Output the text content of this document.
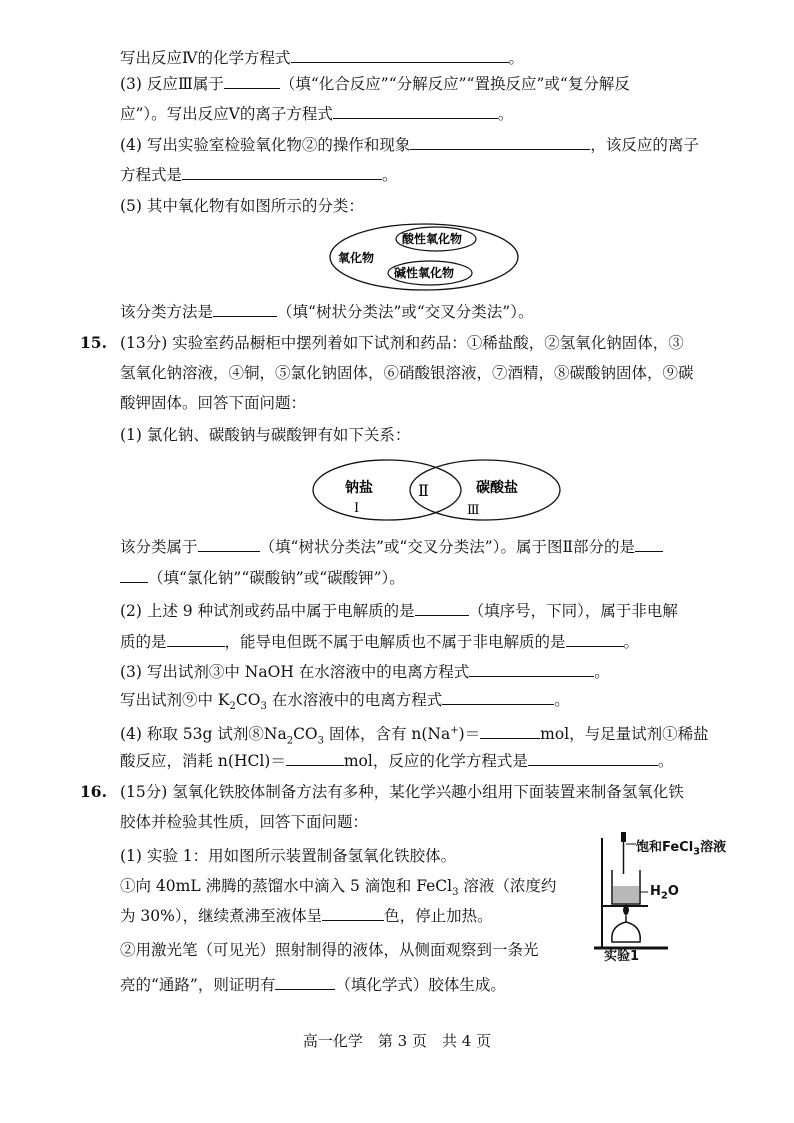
写出反应Ⅳ的化学方程式	。
(3) 反应Ⅲ属于	（填“化合反应”“分解反应”“置换反应”或“复分解反
应”）。写出反应Ⅴ的离子方程式	。
(4) 写出实验室检验氧化物②的操作和现象	，该反应的离子
方程式是	。
(5) 其中氧化物有如图所示的分类：
氧化物
酸性氧化物
碱性氧化物
该分类方法是	（填“树状分类法”或“交叉分类法”）。
15. (13分) 实验室药品橱柜中摆列着如下试剂和药品：①稀盐酸，②氢氧化钠固体，③
氢氧化钠溶液，④铜，⑤氯化钠固体，⑥硝酸银溶液，⑦酒精，⑧碳酸钠固体，⑨碳
酸钾固体。回答下面问题：
(1) 氯化钠、碳酸钠与碳酸钾有如下关系：
钠盐	Ⅱ	碳酸盐
Ⅰ	Ⅲ
该分类属于	（填“树状分类法”或“交叉分类法”）。属于图Ⅱ部分的是
（填“氯化钠”“碳酸钠”或“碳酸钾”）。
(2) 上述 9 种试剂或药品中属于电解质的是	（填序号，下同），属于非电解
质的是	，能导电但既不属于电解质也不属于非电解质的是	。
(3) 写出试剂③中 NaOH 在水溶液中的电离方程式	。
写出试剂⑨中 $K_2CO_3$ 在水溶液中的电离方程式	。
(4) 称取 53g 试剂$⑧Na_2CO_3$ 固体，含有 n(Na+)＝	mol，与足量试剂①稀盐
酸反应，消耗 n(HCl)＝	mol，反应的化学方程式是	。
16. (15分) 氢氧化铁胶体制备方法有多种，某化学兴趣小组用下面装置来制备氢氧化铁
胶体并检验其性质，回答下面问题：
(1) 实验 1：用如图所示装置制备氢氧化铁胶体。
①向 40mL 沸腾的蒸馏水中滴入 5 滴饱和 FeCl$_3$ 溶液（浓度约
为 30%），继续煮沸至液体呈	色，停止加热。
②用激光笔（可见光）照射制得的液体，从侧面观察到一条光
亮的“通路”，则证明有	（填化学式）胶体生成。
饱和FeCl$_3$溶液
$H_2O$
实验1
高一化学　第 3 页　共 4 页
